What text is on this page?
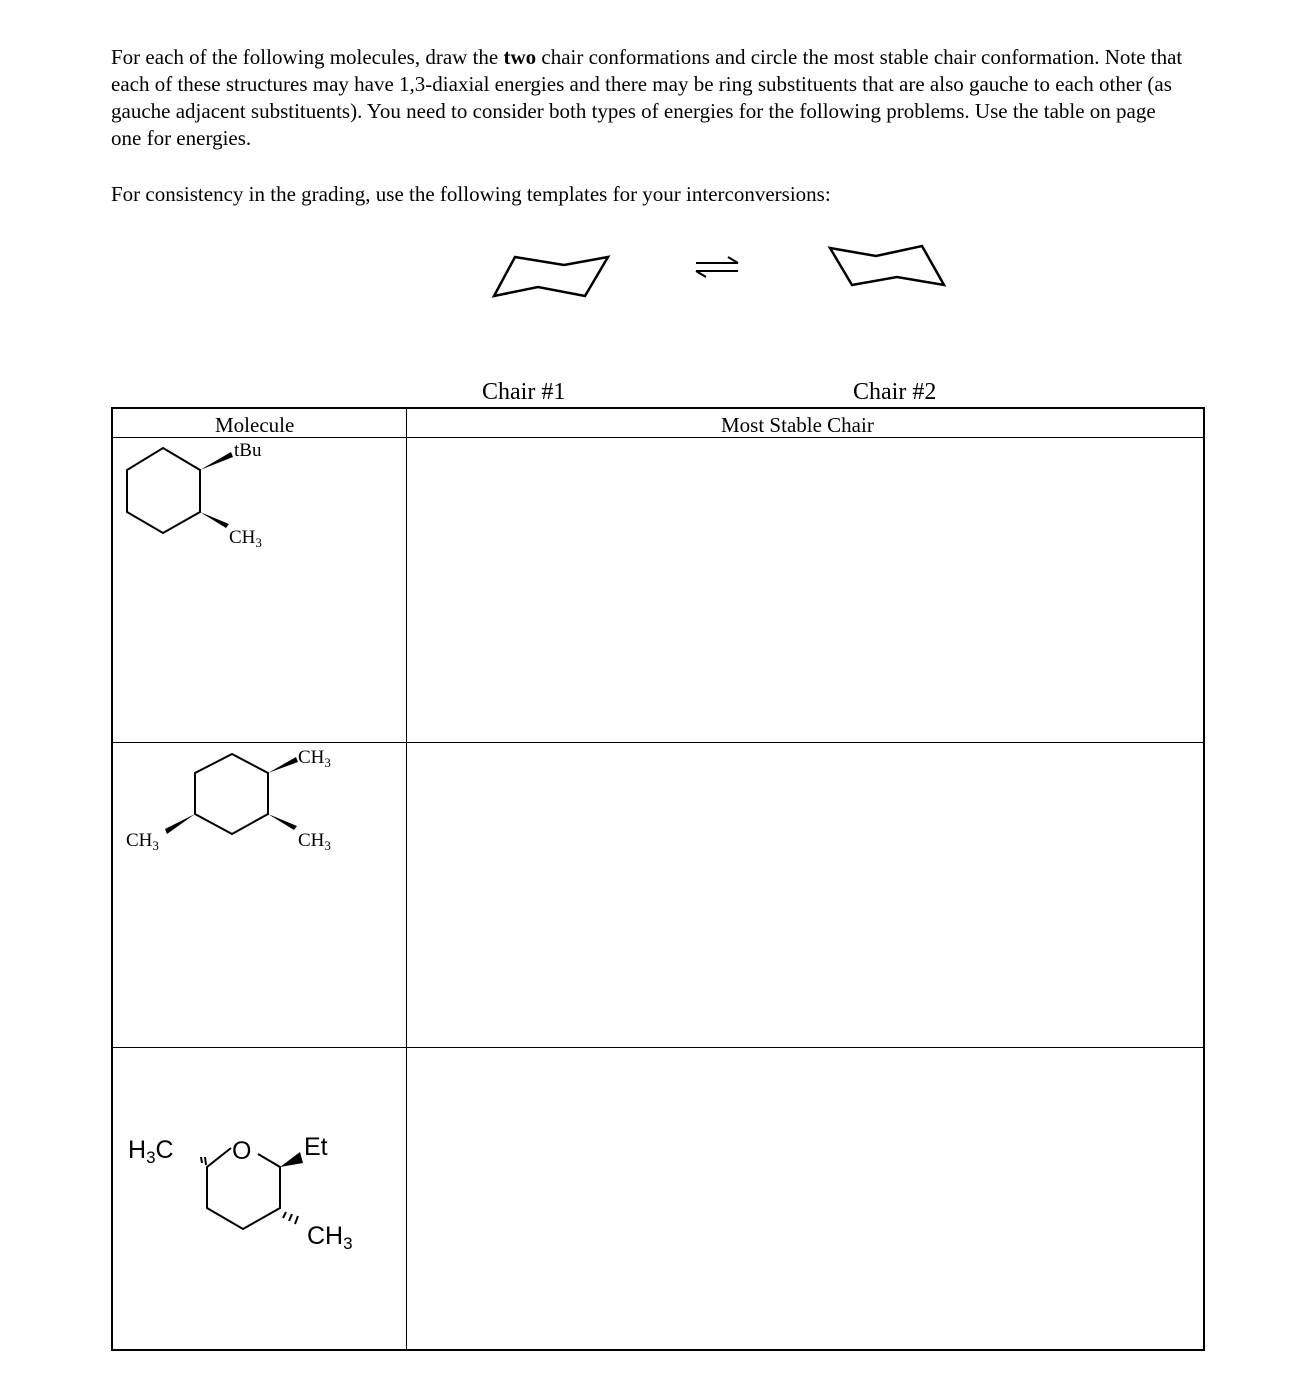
For each of the following molecules, draw the two chair conformations and circle the most stable chair conformation. Note that each of these structures may have 1,3-diaxial energies and there may be ring substituents that are also gauche to each other (as gauche adjacent substituents). You need to consider both types of energies for the following problems. Use the table on page one for energies.

For consistency in the grading, use the following templates for your interconversions:

Chair #1	Chair #2
Molecule	Most Stable Chair
tBu
$CH_3$
$CH_3$
$CH_3$
$CH_3$
O
$H_3C$	Et
$CH_3$
